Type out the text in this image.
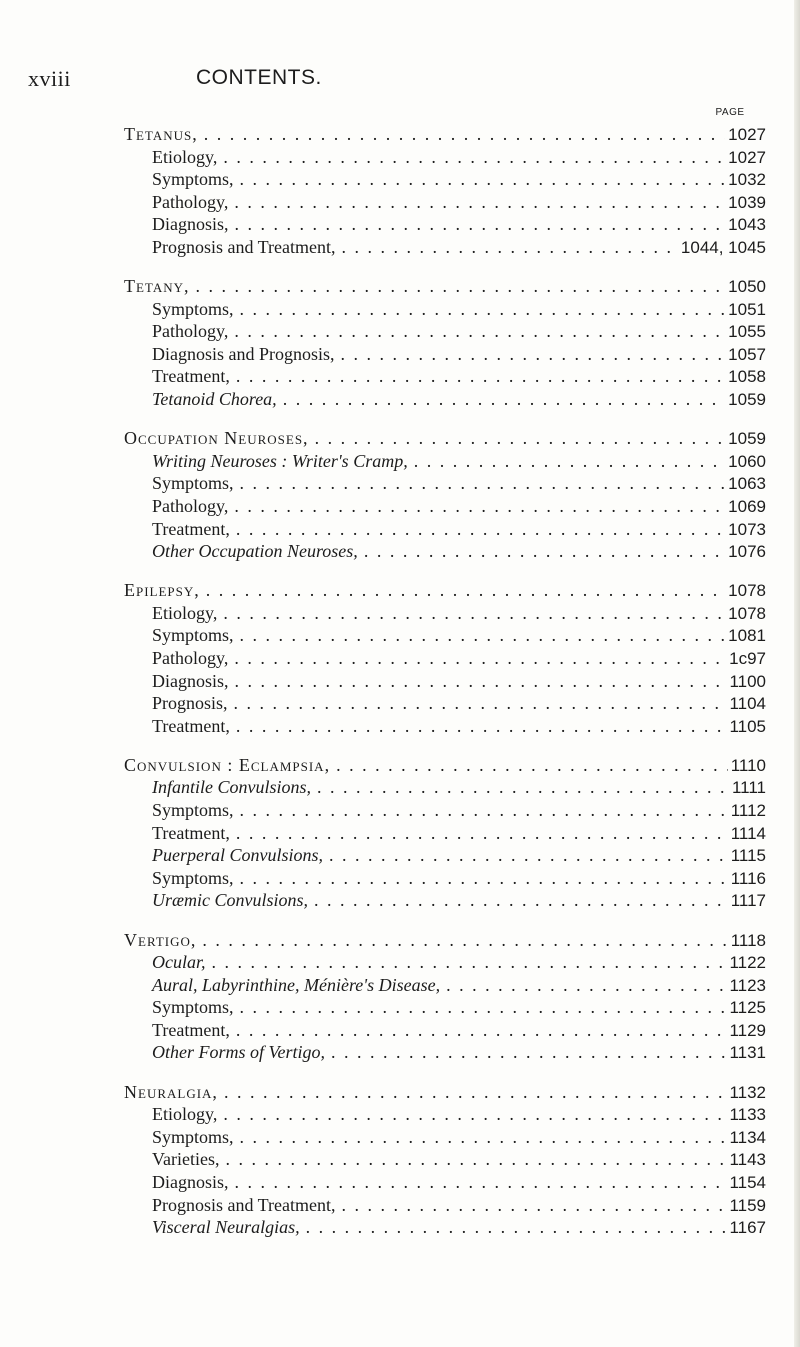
xviii	CONTENTS.
PAGE
Tetanus, . . .	1027
Etiology, . . .	1027
Symptoms, . . .	1032
Pathology, . . .	1039
Diagnosis, . . .	1043
Prognosis and Treatment, . . .	1044, 1045
Tetany, . . .	1050
Symptoms, . . .	1051
Pathology, . . .	1055
Diagnosis and Prognosis, . . .	1057
Treatment, . . .	1058
Tetanoid Chorea, . . .	1059
Occupation Neuroses, . . .	1059
Writing Neuroses : Writer's Cramp, . . .	1060
Symptoms, . . .	1063
Pathology, . . .	1069
Treatment, . . .	1073
Other Occupation Neuroses, . . .	1076
Epilepsy, . . .	1078
Etiology, . . .	1078
Symptoms, . . .	1081
Pathology, . . .	1c97
Diagnosis, . . .	1100
Prognosis, . . .	1104
Treatment, . . .	1105
Convulsion : Eclampsia, . . .	1110
Infantile Convulsions, . . .	1111
Symptoms, . . .	1112
Treatment, . . .	1114
Puerperal Convulsions, . . .	1115
Symptoms, . . .	1116
Uræmic Convulsions, . . .	1117
Vertigo, . . .	1118
Ocular, . . .	1122
Aural, Labyrinthine, Ménière's Disease, . . .	1123
Symptoms, . . .	1125
Treatment, . . .	1129
Other Forms of Vertigo, . . .	1131
Neuralgia, . . .	1132
Etiology, . . .	1133
Symptoms, . . .	1134
Varieties, . . .	1143
Diagnosis, . . .	1154
Prognosis and Treatment, . . .	1159
Visceral Neuralgias, . . .	1167
